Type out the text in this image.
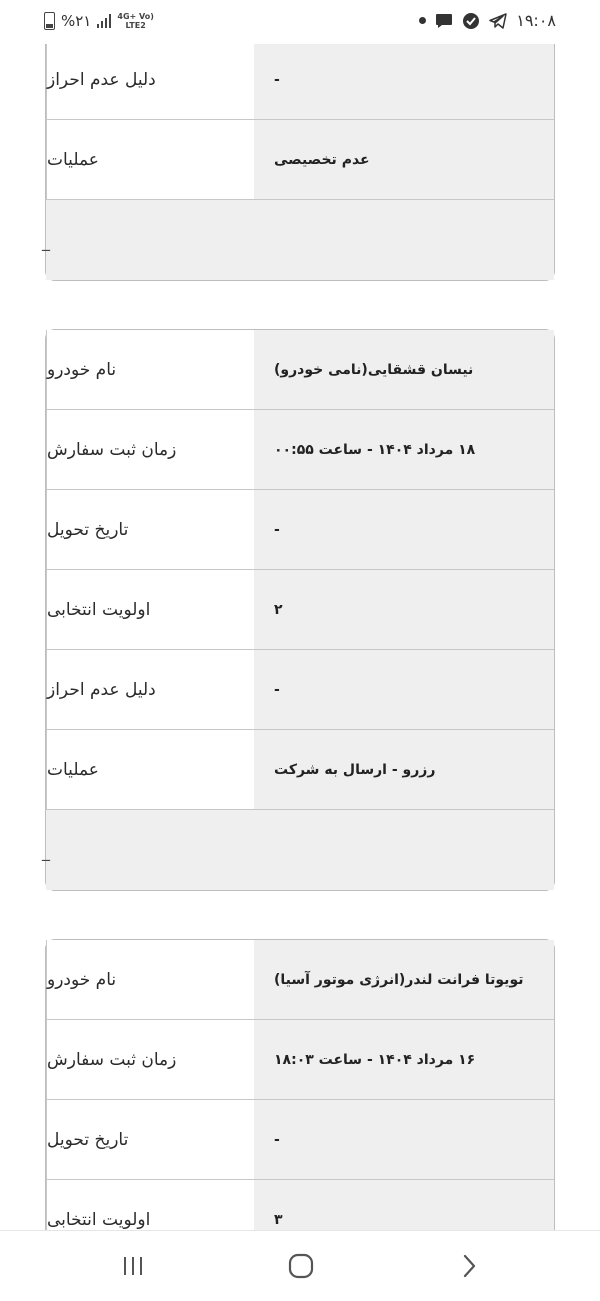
%۲۱	4G+ Vo)
LTE2	۱۹:۰۸
دلیل عدم احراز	-
عملیات	عدم تخصیصی
_
نام خودرو	نیسان قشقایی(نامی خودرو)
زمان ثبت سفارش	۱۸ مرداد ۱۴۰۴ - ساعت ۰۰:۵۵
تاریخ تحویل	-
اولویت انتخابی	۲
دلیل عدم احراز	-
عملیات	رزرو - ارسال به شرکت
_
نام خودرو	تویوتا فرانت لندر(انرژی موتور آسیا)
زمان ثبت سفارش	۱۶ مرداد ۱۴۰۴ - ساعت ۱۸:۰۳
تاریخ تحویل	-
اولویت انتخابی	۳
